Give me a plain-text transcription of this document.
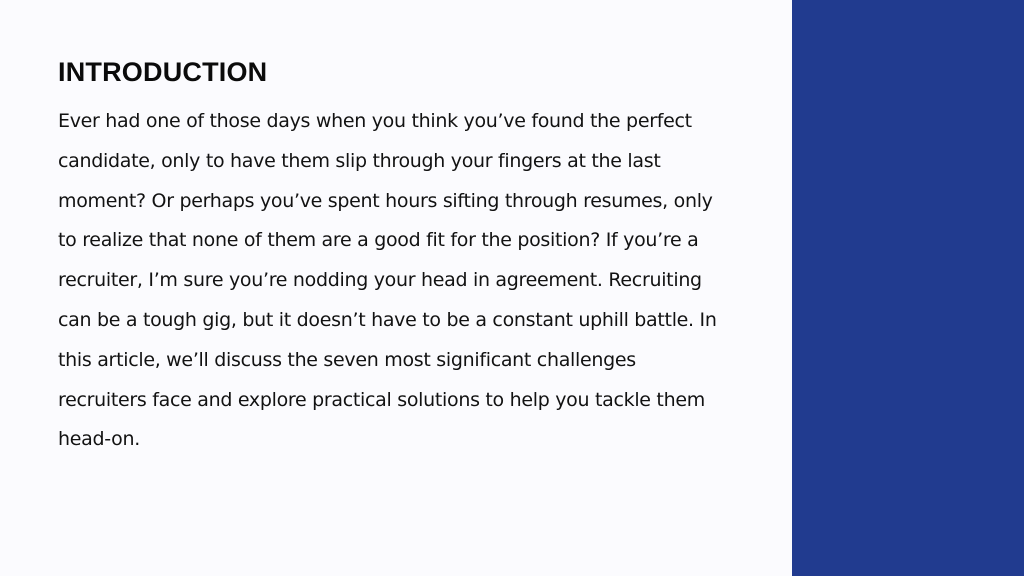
INTRODUCTION

Ever had one of those days when you think you’ve found the perfect candidate, only to have them slip through your fingers at the last moment? Or perhaps you’ve spent hours sifting through resumes, only to realize that none of them are a good fit for the position? If you’re a recruiter, I’m sure you’re nodding your head in agreement. Recruiting can be a tough gig, but it doesn’t have to be a constant uphill battle. In this article, we’ll discuss the seven most significant challenges recruiters face and explore practical solutions to help you tackle them head-on.
